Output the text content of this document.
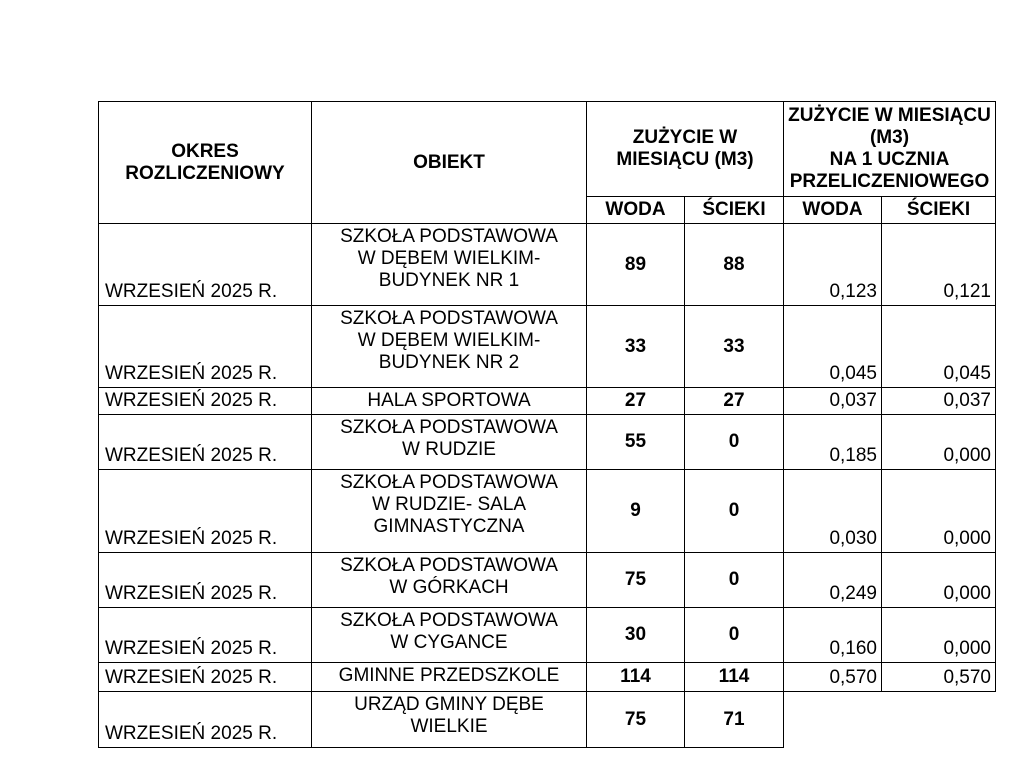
OKRES
ROZLICZENIOWY	OBIEKT	ZUŻYCIE W
MIESIĄCU (M3)		ZUŻYCIE W MIESIĄCU (M3)
NA 1 UCZNIA
PRZELICZENIOWEGO	

		WODA	ŚCIEKI	WODA	ŚCIEKI
WRZESIEŃ 2025 R.	SZKOŁA PODSTAWOWA
W DĘBEM WIELKIM-
BUDYNEK NR 1	89	88	0,123	0,121
WRZESIEŃ 2025 R.	SZKOŁA PODSTAWOWA
W DĘBEM WIELKIM-
BUDYNEK NR 2	33	33	0,045	0,045
WRZESIEŃ 2025 R.	HALA SPORTOWA	27	27	0,037	0,037
WRZESIEŃ 2025 R.	SZKOŁA PODSTAWOWA
W RUDZIE	55	0	0,185	0,000
WRZESIEŃ 2025 R.	SZKOŁA PODSTAWOWA
W RUDZIE- SALA
GIMNASTYCZNA	9	0	0,030	0,000
WRZESIEŃ 2025 R.	SZKOŁA PODSTAWOWA
W GÓRKACH	75	0	0,249	0,000
WRZESIEŃ 2025 R.	SZKOŁA PODSTAWOWA
W CYGANCE	30	0	0,160	0,000
WRZESIEŃ 2025 R.	GMINNE PRZEDSZKOLE	114	114	0,570	0,570
WRZESIEŃ 2025 R.	URZĄD GMINY DĘBE
WIELKIE	75	71		
